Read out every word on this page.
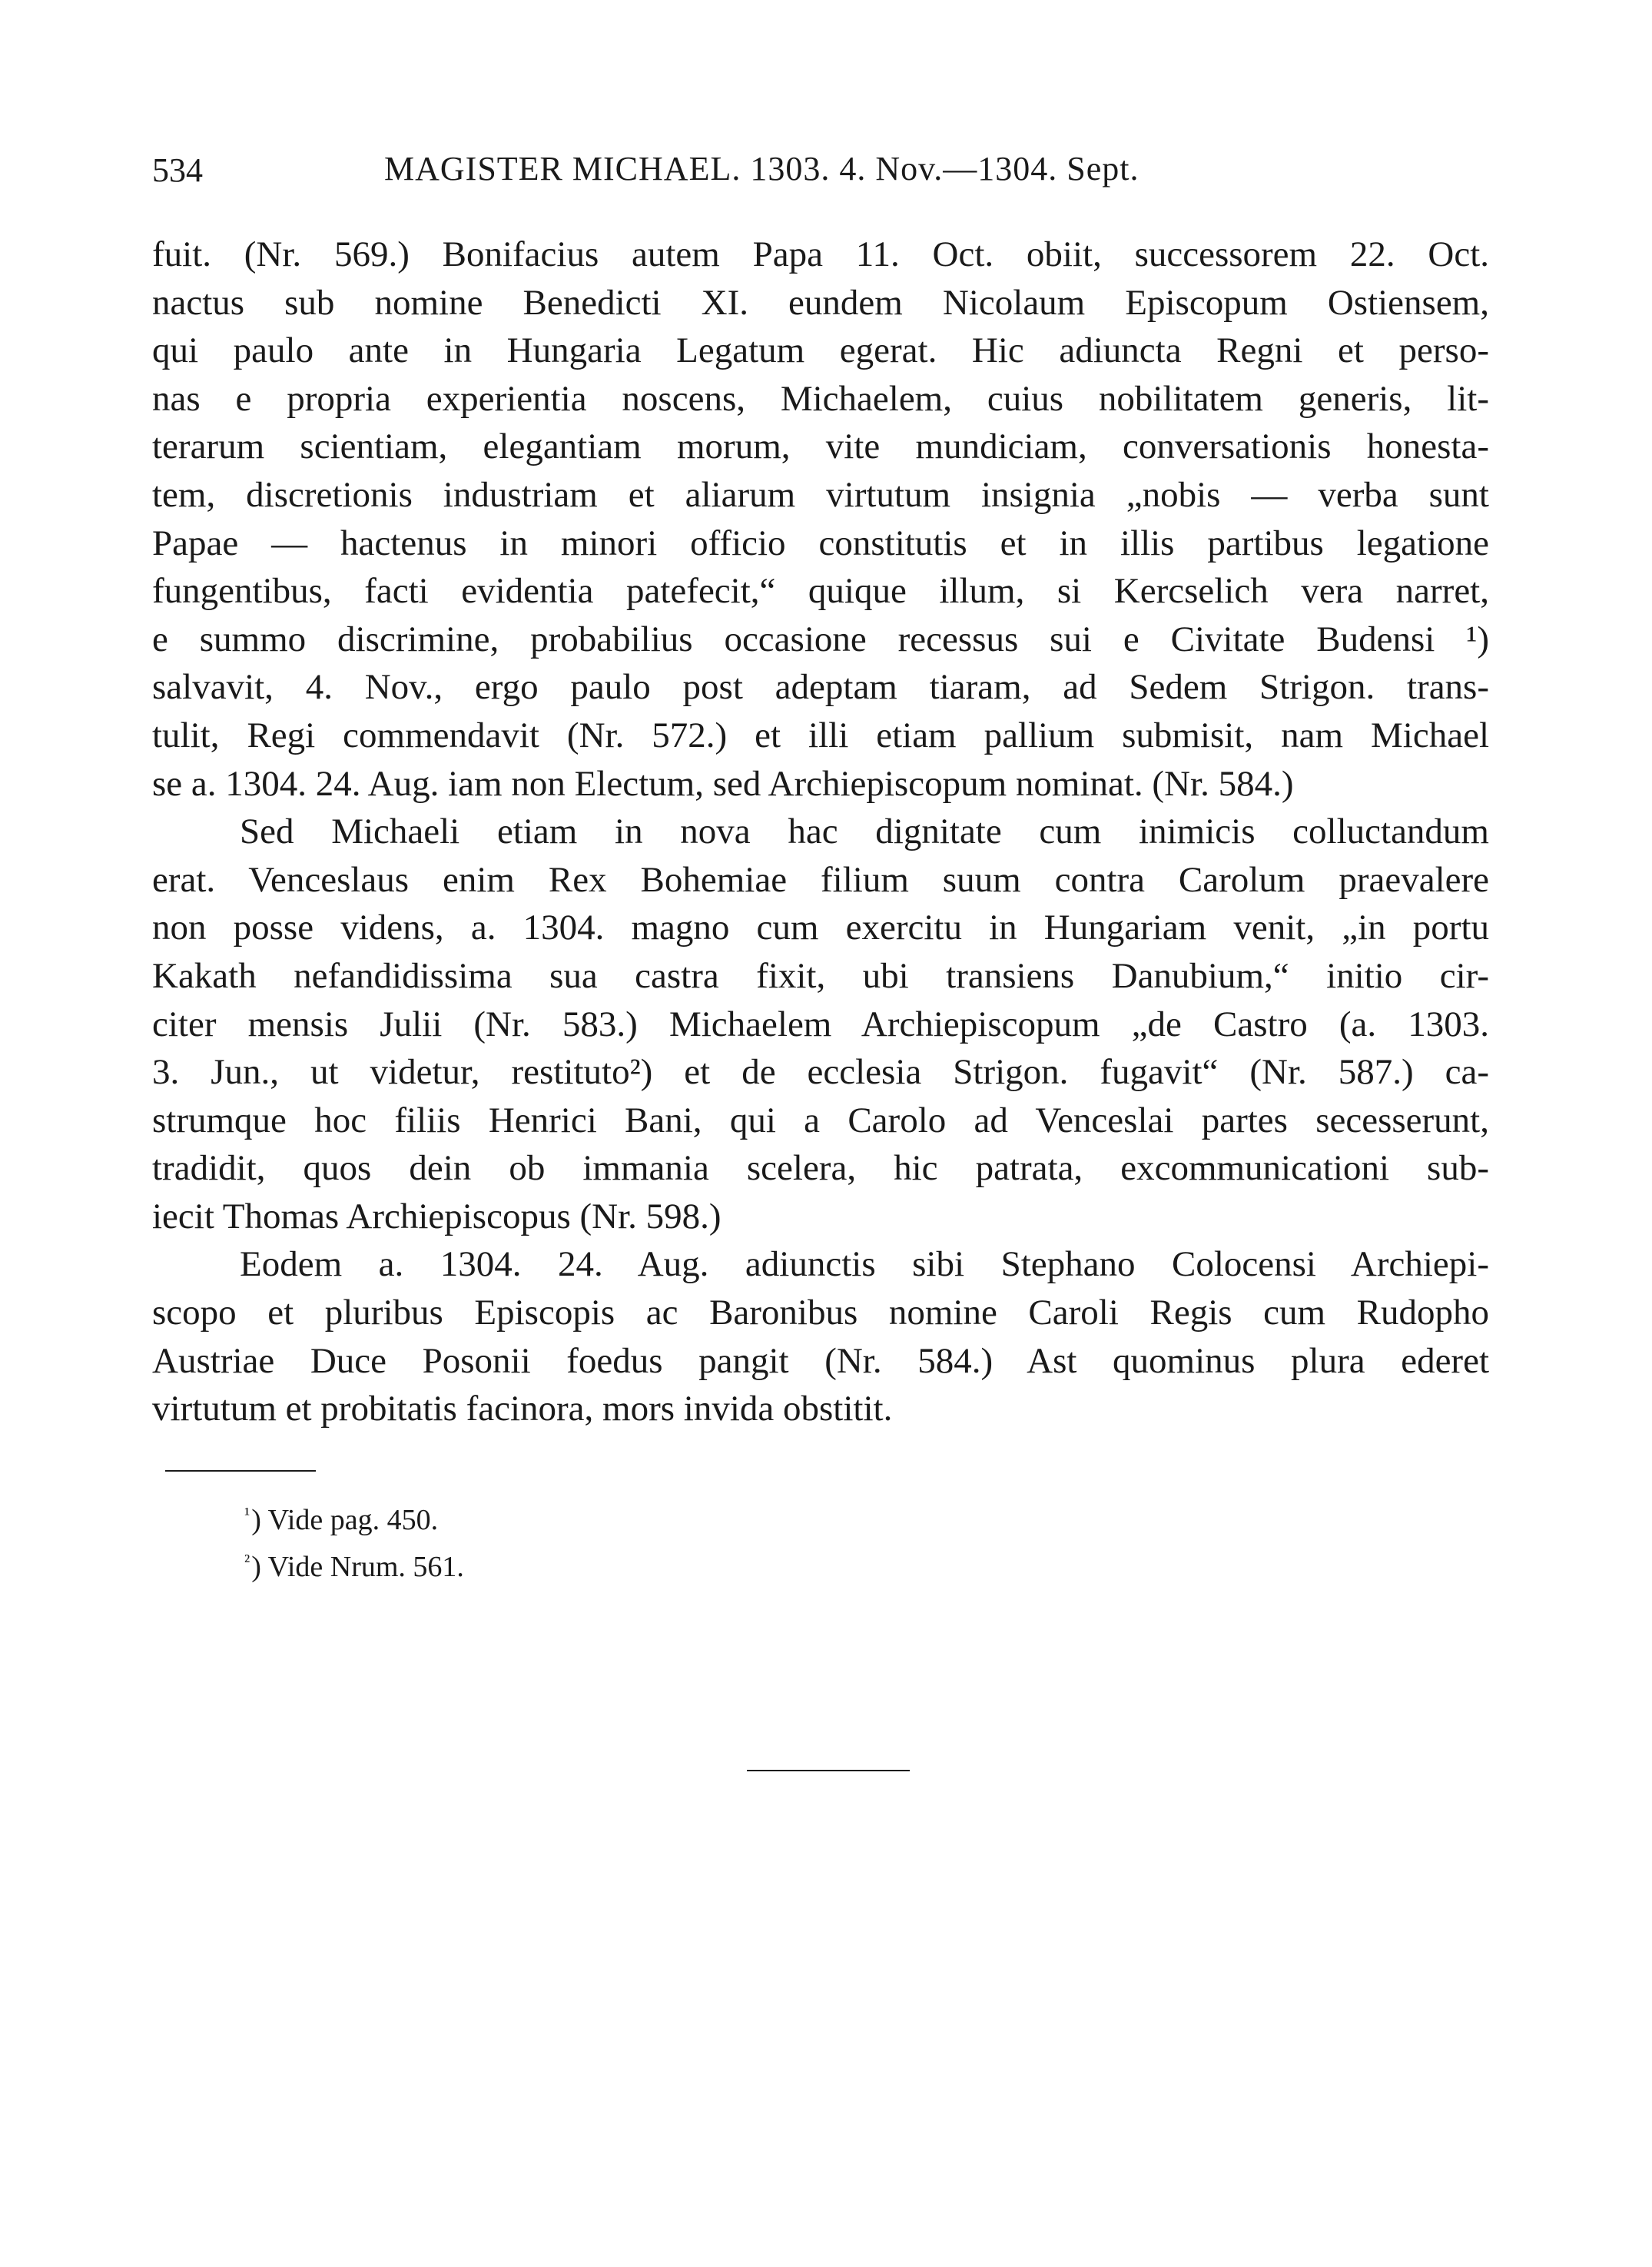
534	MAGISTER MICHAEL. 1303. 4. Nov.—1304. Sept.
fuit. (Nr. 569.) Bonifacius autem Papa 11. Oct. obiit, successorem 22. Oct.
nactus sub nomine Benedicti XI. eundem Nicolaum Episcopum Ostiensem,
qui paulo ante in Hungaria Legatum egerat. Hic adiuncta Regni et perso-
nas e propria experientia noscens, Michaelem, cuius nobilitatem generis, lit-
terarum scientiam, elegantiam morum, vite mundiciam, conversationis honesta-
tem, discretionis industriam et aliarum virtutum insignia „nobis — verba sunt
Papae — hactenus in minori officio constitutis et in illis partibus legatione
fungentibus, facti evidentia patefecit,“ quique illum, si Kercselich vera narret,
e summo discrimine, probabilius occasione recessus sui e Civitate Budensi ¹)
salvavit, 4. Nov., ergo paulo post adeptam tiaram, ad Sedem Strigon. trans-
tulit, Regi commendavit (Nr. 572.) et illi etiam pallium submisit, nam Michael
se a. 1304. 24. Aug. iam non Electum, sed Archiepiscopum nominat. (Nr. 584.)
Sed Michaeli etiam in nova hac dignitate cum inimicis colluctandum
erat. Venceslaus enim Rex Bohemiae filium suum contra Carolum praevalere
non posse videns, a. 1304. magno cum exercitu in Hungariam venit, „in portu
Kakath nefandidissima sua castra fixit, ubi transiens Danubium,“ initio cir-
citer mensis Julii (Nr. 583.) Michaelem Archiepiscopum „de Castro (a. 1303.
3. Jun., ut videtur, restituto²) et de ecclesia Strigon. fugavit“ (Nr. 587.) ca-
strumque hoc filiis Henrici Bani, qui a Carolo ad Venceslai partes secesserunt,
tradidit, quos dein ob immania scelera, hic patrata, excommunicationi sub-
iecit Thomas Archiepiscopus (Nr. 598.)
Eodem a. 1304. 24. Aug. adiunctis sibi Stephano Colocensi Archiepi-
scopo et pluribus Episcopis ac Baronibus nomine Caroli Regis cum Rudopho
Austriae Duce Posonii foedus pangit (Nr. 584.) Ast quominus plura ederet
virtutum et probitatis facinora, mors invida obstitit.
$^{^1}$) Vide pag. 450.
$^{^2}$) Vide Nrum. 561.
